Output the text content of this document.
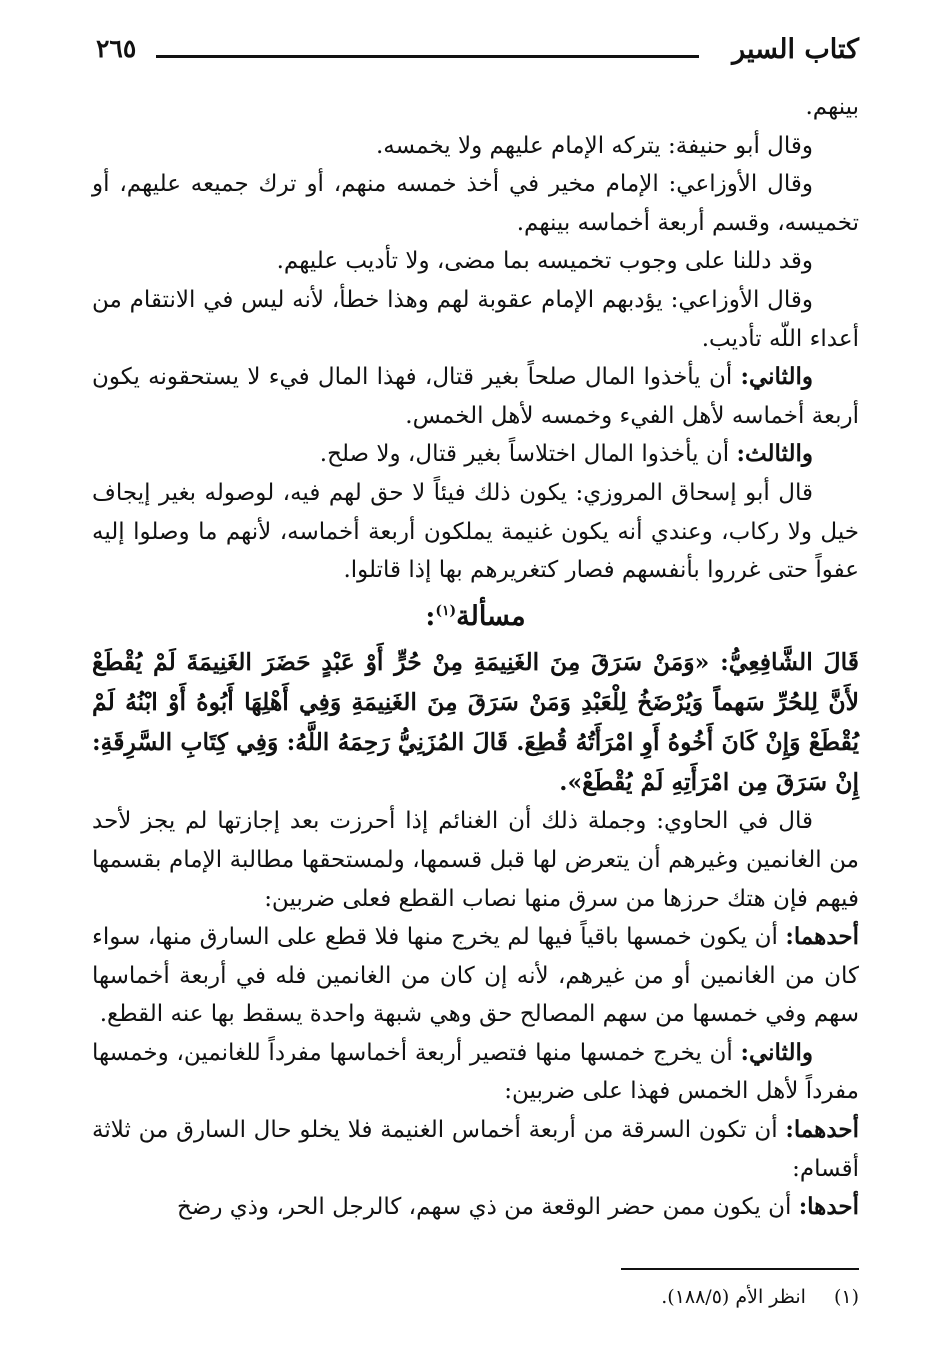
كتاب السير
٢٦٥

بينهم.

وقال أبو حنيفة: يتركه الإمام عليهم ولا يخمسه.

وقال الأوزاعي: الإمام مخير في أخذ خمسه منهم، أو ترك جميعه عليهم، أو تخميسه، وقسم أربعة أخماسه بينهم.

وقد دللنا على وجوب تخميسه بما مضى، ولا تأديب عليهم.

وقال الأوزاعي: يؤدبهم الإمام عقوبة لهم وهذا خطأ، لأنه ليس في الانتقام من أعداء اللّه تأديب.

والثاني: أن يأخذوا المال صلحاً بغير قتال، فهذا المال فيء لا يستحقونه يكون أربعة أخماسه لأهل الفيء وخمسه لأهل الخمس.

والثالث: أن يأخذوا المال اختلاساً بغير قتال، ولا صلح.

قال أبو إسحاق المروزي: يكون ذلك فيئاً لا حق لهم فيه، لوصوله بغير إيجاف خيل ولا ركاب، وعندي أنه يكون غنيمة يملكون أربعة أخماسه، لأنهم ما وصلوا إليه عفواً حتى غرروا بأنفسهم فصار كتغريرهم بها إذا قاتلوا.

مسألة$^{(١)}$:

قَالَ الشَّافِعِيُّ: «وَمَنْ سَرَقَ مِنَ الغَنِيمَةِ مِنْ حُرٍّ أَوْ عَبْدٍ حَضَرَ الغَنِيمَةَ لَمْ يُقْطَعْ لأَنَّ لِلحُرِّ سَهماً وَيُرْضَخُ لِلْعَبْدِ وَمَنْ سَرَقَ مِنَ الغَنِيمَةِ وَفِي أَهْلِهَا أَبُوهُ أَوْ ابْنُهُ لَمْ يُقْطَعْ وَإِنْ كَانَ أَخُوهُ أَوِ امْرَأَتُهُ قُطِعَ. قَالَ المُزَنِيُّ رَحِمَهُ اللَّهُ: وَفِي كِتَابِ السَّرِقَةِ: إِنْ سَرَقَ مِن امْرَأَتِهِ لَمْ يُقْطَعْ».

قال في الحاوي: وجملة ذلك أن الغنائم إذا أحرزت بعد إجازتها لم يجز لأحد من الغانمين وغيرهم أن يتعرض لها قبل قسمها، ولمستحقها مطالبة الإمام بقسمها فيهم فإن هتك حرزها من سرق منها نصاب القطع فعلى ضربين:

أحدهما: أن يكون خمسها باقياً فيها لم يخرج منها فلا قطع على السارق منها، سواء كان من الغانمين أو من غيرهم، لأنه إن كان من الغانمين فله في أربعة أخماسها سهم وفي خمسها من سهم المصالح حق وهي شبهة واحدة يسقط بها عنه القطع.

والثاني: أن يخرج خمسها منها فتصير أربعة أخماسها مفرداً للغانمين، وخمسها مفرداً لأهل الخمس فهذا على ضربين:

أحدهما: أن تكون السرقة من أربعة أخماس الغنيمة فلا يخلو حال السارق من ثلاثة أقسام:

أحدها: أن يكون ممن حضر الوقعة من ذي سهم، كالرجل الحر، وذي رضخ

(١)انظر الأم (١٨٨/٥).
